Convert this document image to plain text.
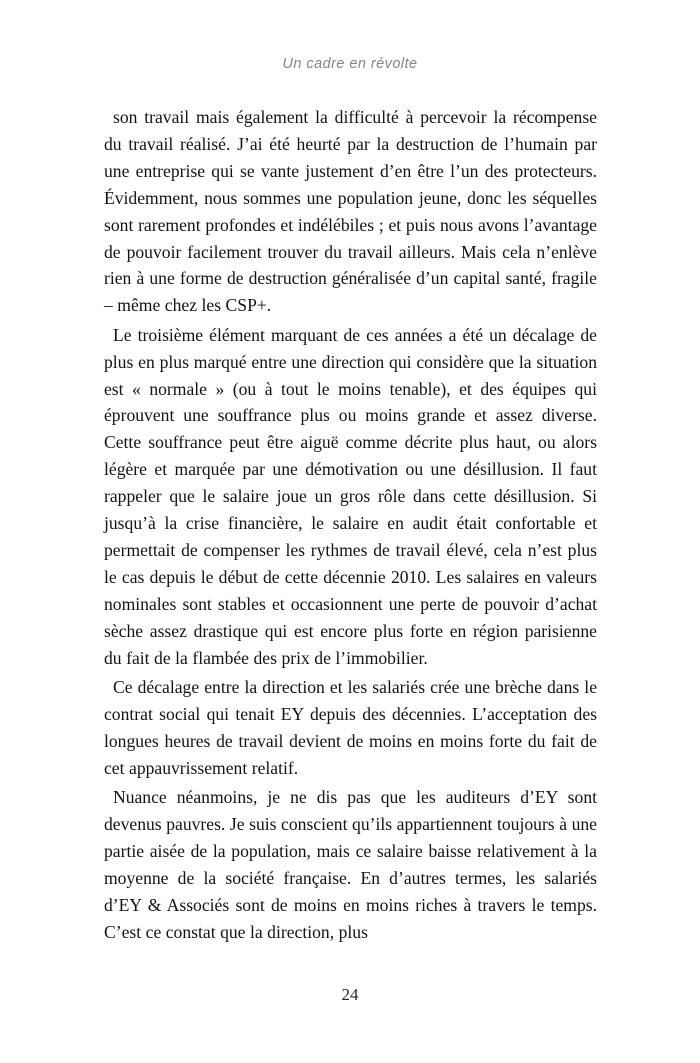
Un cadre en révolte

son travail mais également la difficulté à percevoir la récompense du travail réalisé. J’ai été heurté par la destruction de l’humain par une entreprise qui se vante justement d’en être l’un des protecteurs. Évidemment, nous sommes une population jeune, donc les séquelles sont rarement profondes et indélébiles ; et puis nous avons l’avantage de pouvoir facilement trouver du travail ailleurs. Mais cela n’enlève rien à une forme de destruction généralisée d’un capital santé, fragile – même chez les CSP+.

Le troisième élément marquant de ces années a été un décalage de plus en plus marqué entre une direction qui considère que la situation est « normale » (ou à tout le moins tenable), et des équipes qui éprouvent une souffrance plus ou moins grande et assez diverse. Cette souffrance peut être aiguë comme décrite plus haut, ou alors légère et marquée par une démotivation ou une désillusion. Il faut rappeler que le salaire joue un gros rôle dans cette désillusion. Si jusqu’à la crise financière, le salaire en audit était confortable et permettait de compenser les rythmes de travail élevé, cela n’est plus le cas depuis le début de cette décennie 2010. Les salaires en valeurs nominales sont stables et occasionnent une perte de pouvoir d’achat sèche assez drastique qui est encore plus forte en région parisienne du fait de la flambée des prix de l’immobilier.

Ce décalage entre la direction et les salariés crée une brèche dans le contrat social qui tenait EY depuis des décennies. L’acceptation des longues heures de travail devient de moins en moins forte du fait de cet appauvrissement relatif.

Nuance néanmoins, je ne dis pas que les auditeurs d’EY sont devenus pauvres. Je suis conscient qu’ils appartiennent toujours à une partie aisée de la population, mais ce salaire baisse relativement à la moyenne de la société française. En d’autres termes, les salariés d’EY & Associés sont de moins en moins riches à travers le temps. C’est ce constat que la direction, plus

24
